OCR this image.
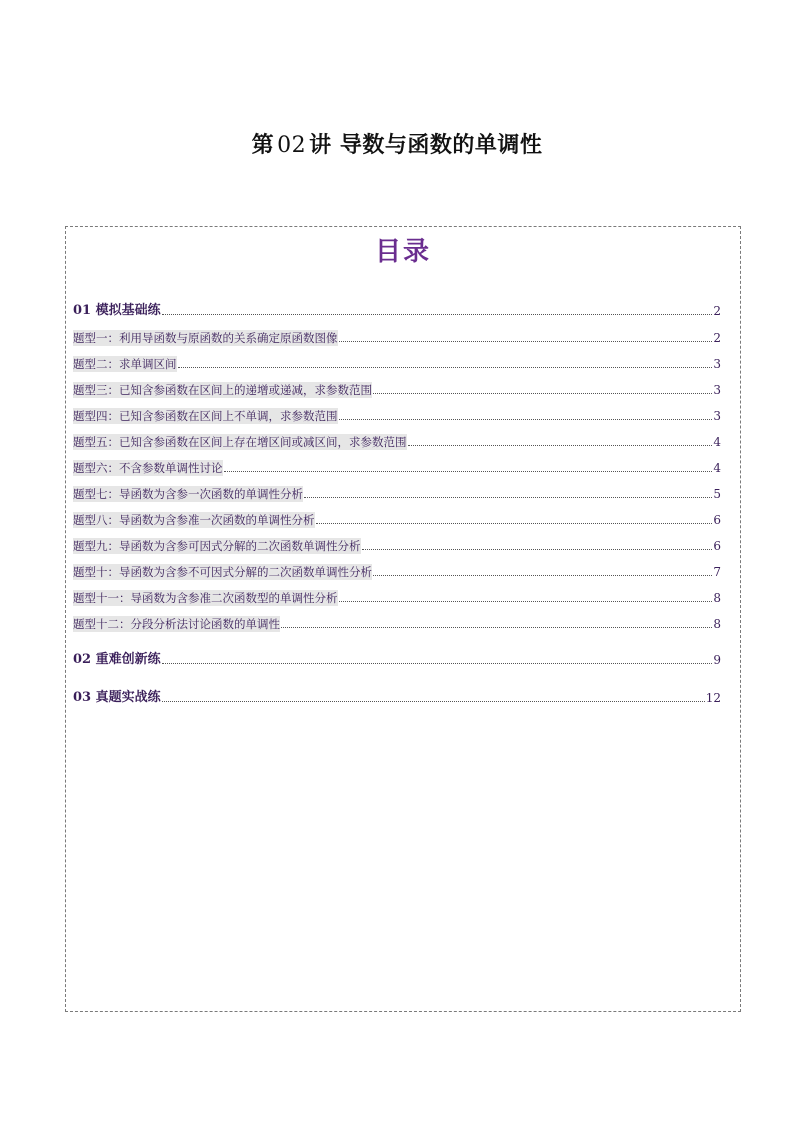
第 02 讲 导数与函数的单调性
目录
01 模拟基础练	2
题型一：利用导函数与原函数的关系确定原函数图像	2
题型二：求单调区间	3
题型三：已知含参函数在区间上的递增或递减，求参数范围	3
题型四：已知含参函数在区间上不单调，求参数范围	3
题型五：已知含参函数在区间上存在增区间或减区间，求参数范围	4
题型六：不含参数单调性讨论	4
题型七：导函数为含参一次函数的单调性分析	5
题型八：导函数为含参准一次函数的单调性分析	6
题型九：导函数为含参可因式分解的二次函数单调性分析	6
题型十：导函数为含参不可因式分解的二次函数单调性分析	7
题型十一：导函数为含参准二次函数型的单调性分析	8
题型十二：分段分析法讨论函数的单调性	8
02 重难创新练	9
03 真题实战练	12
